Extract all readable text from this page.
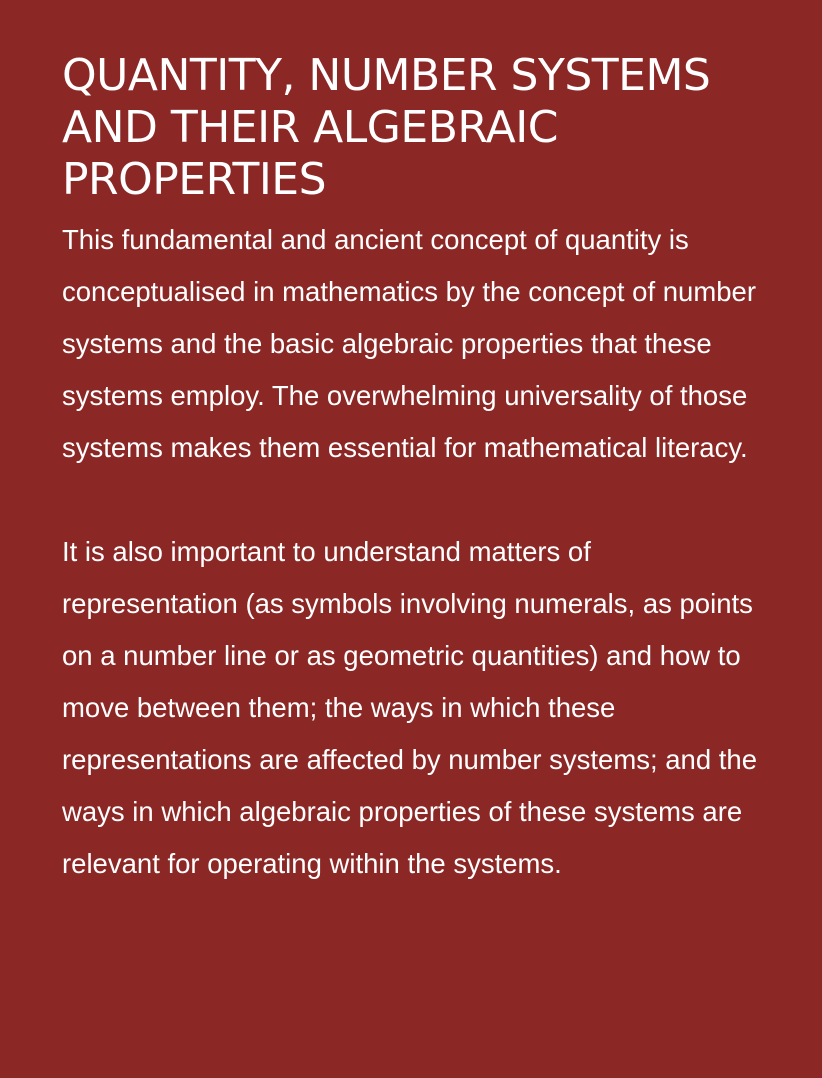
QUANTITY, NUMBER SYSTEMS AND THEIR ALGEBRAIC PROPERTIES

This fundamental and ancient concept of quantity is conceptualised in mathematics by the concept of number systems and the basic algebraic properties that these systems employ. The overwhelming universality of those systems makes them essential for mathematical literacy.

It is also important to understand matters of representation (as symbols involving numerals, as points on a number line or as geometric quantities) and how to move between them; the ways in which these representations are affected by number systems; and the ways in which algebraic properties of these systems are relevant for operating within the systems.
